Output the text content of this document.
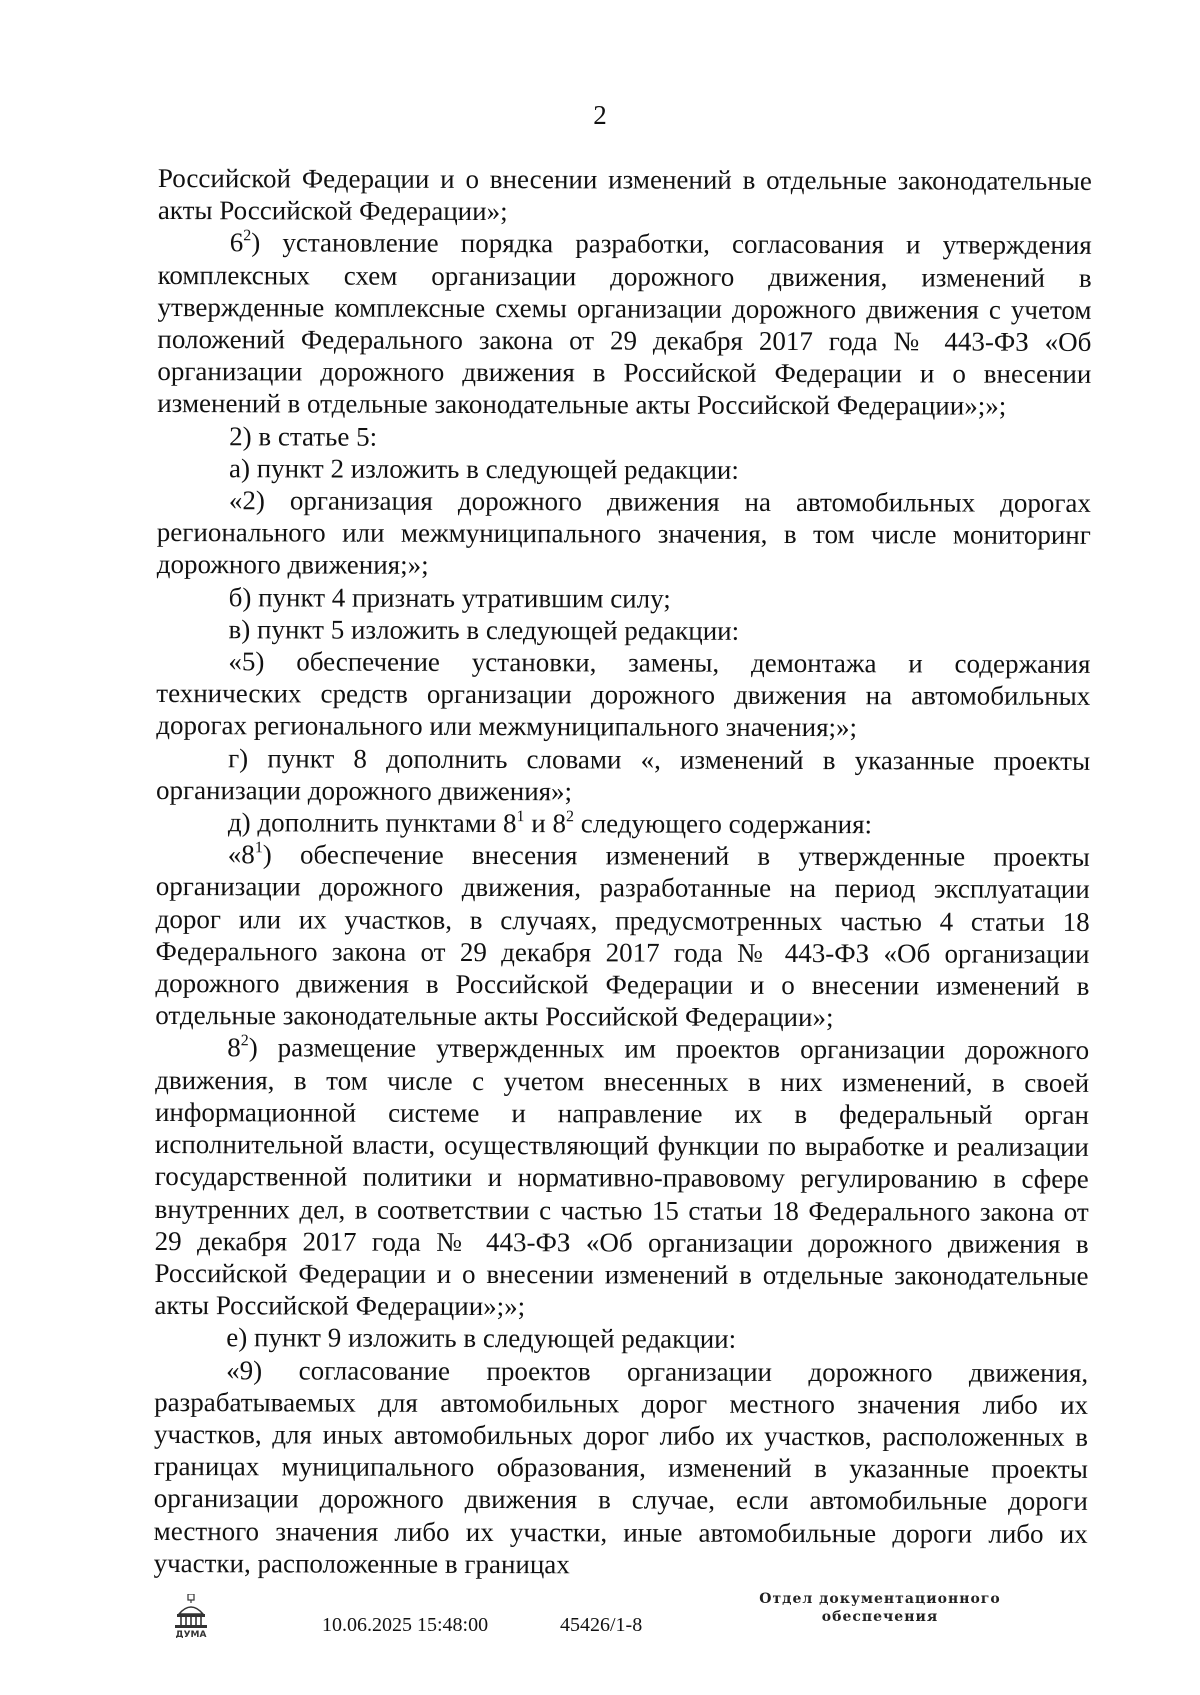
2

Российской Федерации и о внесении изменений в отдельные законодательные акты Российской Федерации»;

$6^2$) установление порядка разработки, согласования и утверждения комплексных схем организации дорожного движения, изменений в утвержденные комплексные схемы организации дорожного движения с учетом положений Федерального закона от 29 декабря 2017 года № 443-ФЗ «Об организации дорожного движения в Российской Федерации и о внесении изменений в отдельные законодательные акты Российской Федерации»;»;

2) в статье 5:

а) пункт 2 изложить в следующей редакции:

«2) организация дорожного движения на автомобильных дорогах регионального или межмуниципального значения, в том числе мониторинг дорожного движения;»;

б) пункт 4 признать утратившим силу;

в) пункт 5 изложить в следующей редакции:

«5) обеспечение установки, замены, демонтажа и содержания технических средств организации дорожного движения на автомобильных дорогах регионального или межмуниципального значения;»;

г) пункт 8 дополнить словами «, изменений в указанные проекты организации дорожного движения»;

д) дополнить пунктами $8^1$ и $8^2$ следующего содержания:

«$8^1$) обеспечение внесения изменений в утвержденные проекты организации дорожного движения, разработанные на период эксплуатации дорог или их участков, в случаях, предусмотренных частью 4 статьи 18 Федерального закона от 29 декабря 2017 года № 443-ФЗ «Об организации дорожного движения в Российской Федерации и о внесении изменений в отдельные законодательные акты Российской Федерации»;

$8^2$) размещение утвержденных им проектов организации дорожного движения, в том числе с учетом внесенных в них изменений, в своей информационной системе и направление их в федеральный орган исполнительной власти, осуществляющий функции по выработке и реализации государственной политики и нормативно-правовому регулированию в сфере внутренних дел, в соответствии с частью 15 статьи 18 Федерального закона от 29 декабря 2017 года № 443-ФЗ «Об организации дорожного движения в Российской Федерации и о внесении изменений в отдельные законодательные акты Российской Федерации»;»;

е) пункт 9 изложить в следующей редакции:

«9) согласование проектов организации дорожного движения, разрабатываемых для автомобильных дорог местного значения либо их участков, для иных автомобильных дорог либо их участков, расположенных в границах муниципального образования, изменений в указанные проекты организации дорожного движения в случае, если автомобильные дороги местного значения либо их участки, иные автомобильные дороги либо их участки, расположенные в границах

ДУМА	10.06.2025 15:48:00	45426/1-8
Отдел документационного
обеспечения
